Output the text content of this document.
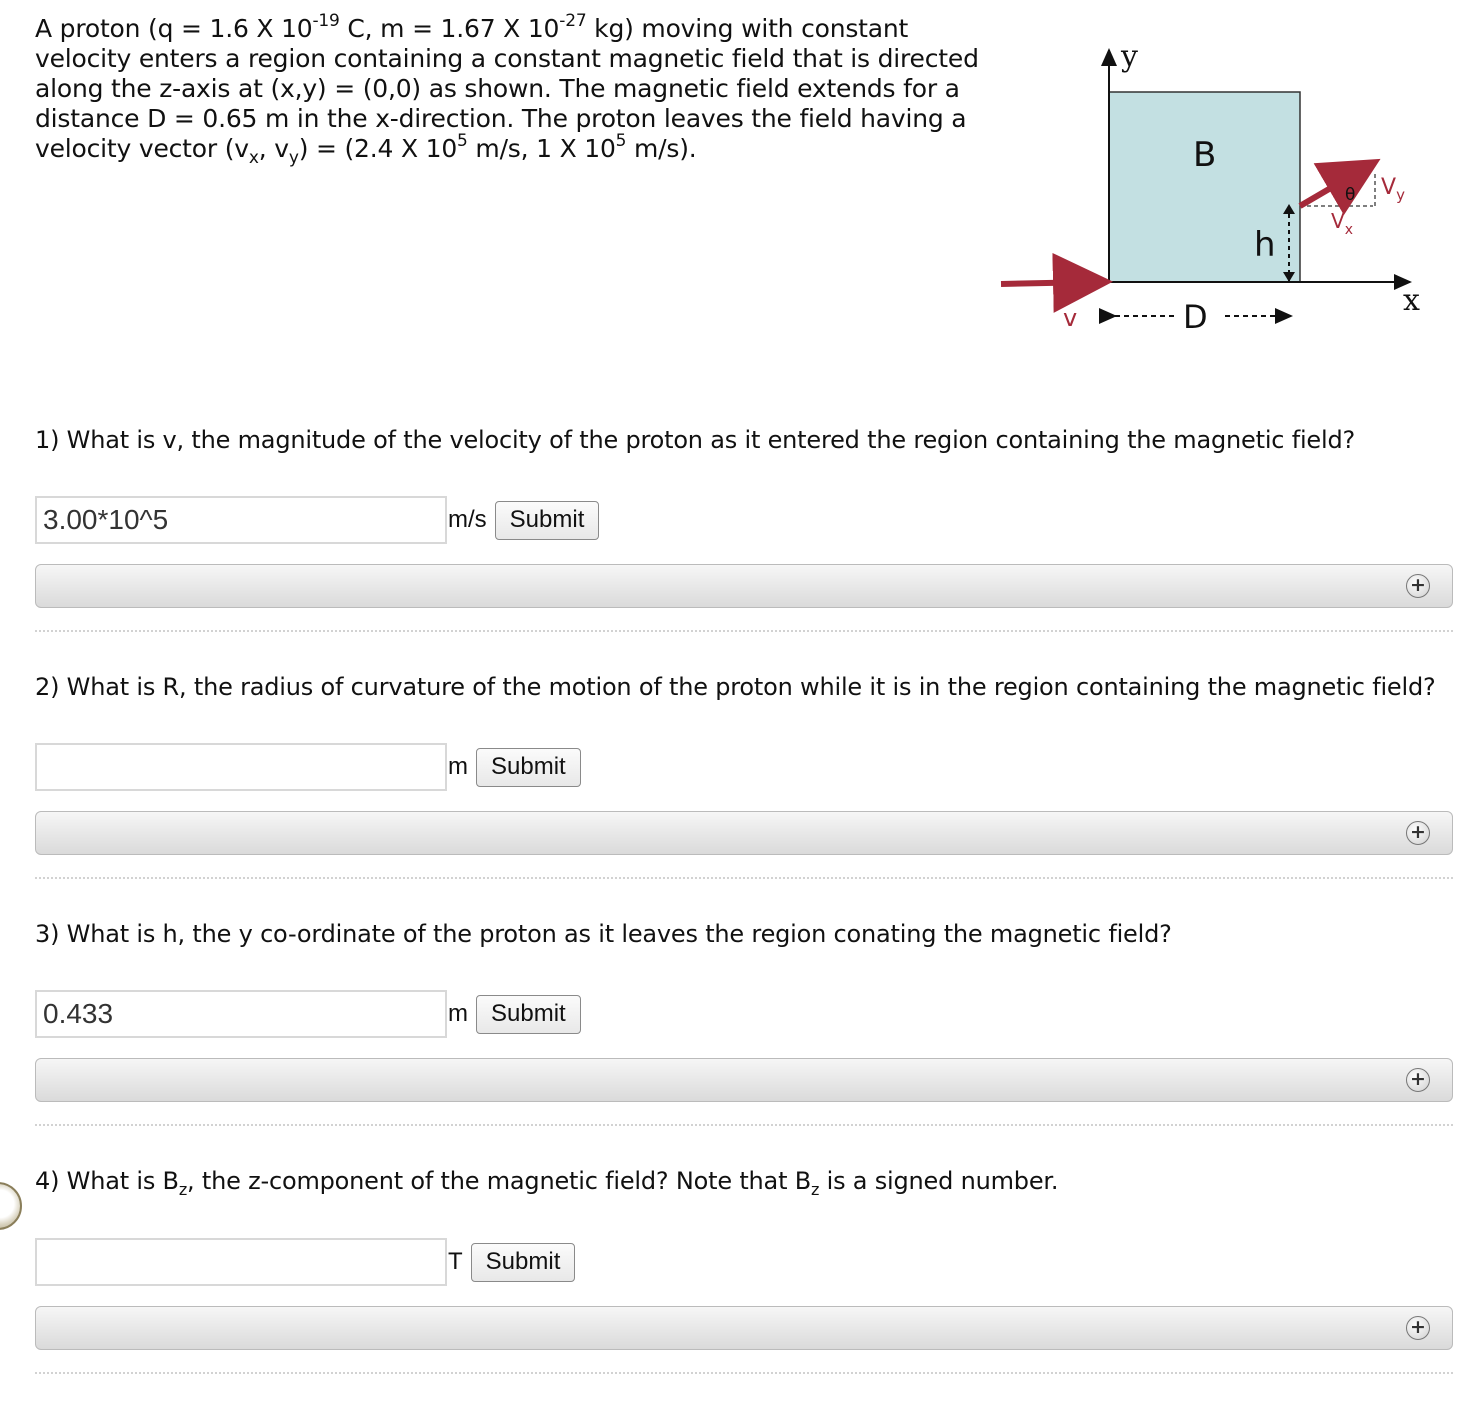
A proton (q = 1.6 X $10^{-19}$ C, m = 1.67 X $10^{-27}$ kg) moving with constant velocity enters a region containing a constant magnetic field that is directed along the z-axis at (x,y) = (0,0) as shown. The magnetic field extends for a distance D = 0.65 m in the x-direction. The proton leaves the field having a velocity vector ($v_x$, $v_y) = (2.4$ X $10^5$ m/s, 1 X $10^5$ m/s).
y
x
B
v	D
h
θ
$V_x$
$V_y$
1) What is v, the magnitude of the velocity of the proton as it entered the region containing the magnetic field?
3.00*10^5
m/s Submit
+
2) What is R, the radius of curvature of the motion of the proton while it is in the region containing the magnetic field?
m Submit
+
3) What is h, the y co-ordinate of the proton as it leaves the region conating the magnetic field?
0.433
m Submit
+
4) What is $B_z$, the z-component of the magnetic field? Note that $B_z$ is a signed number.
T Submit
+
